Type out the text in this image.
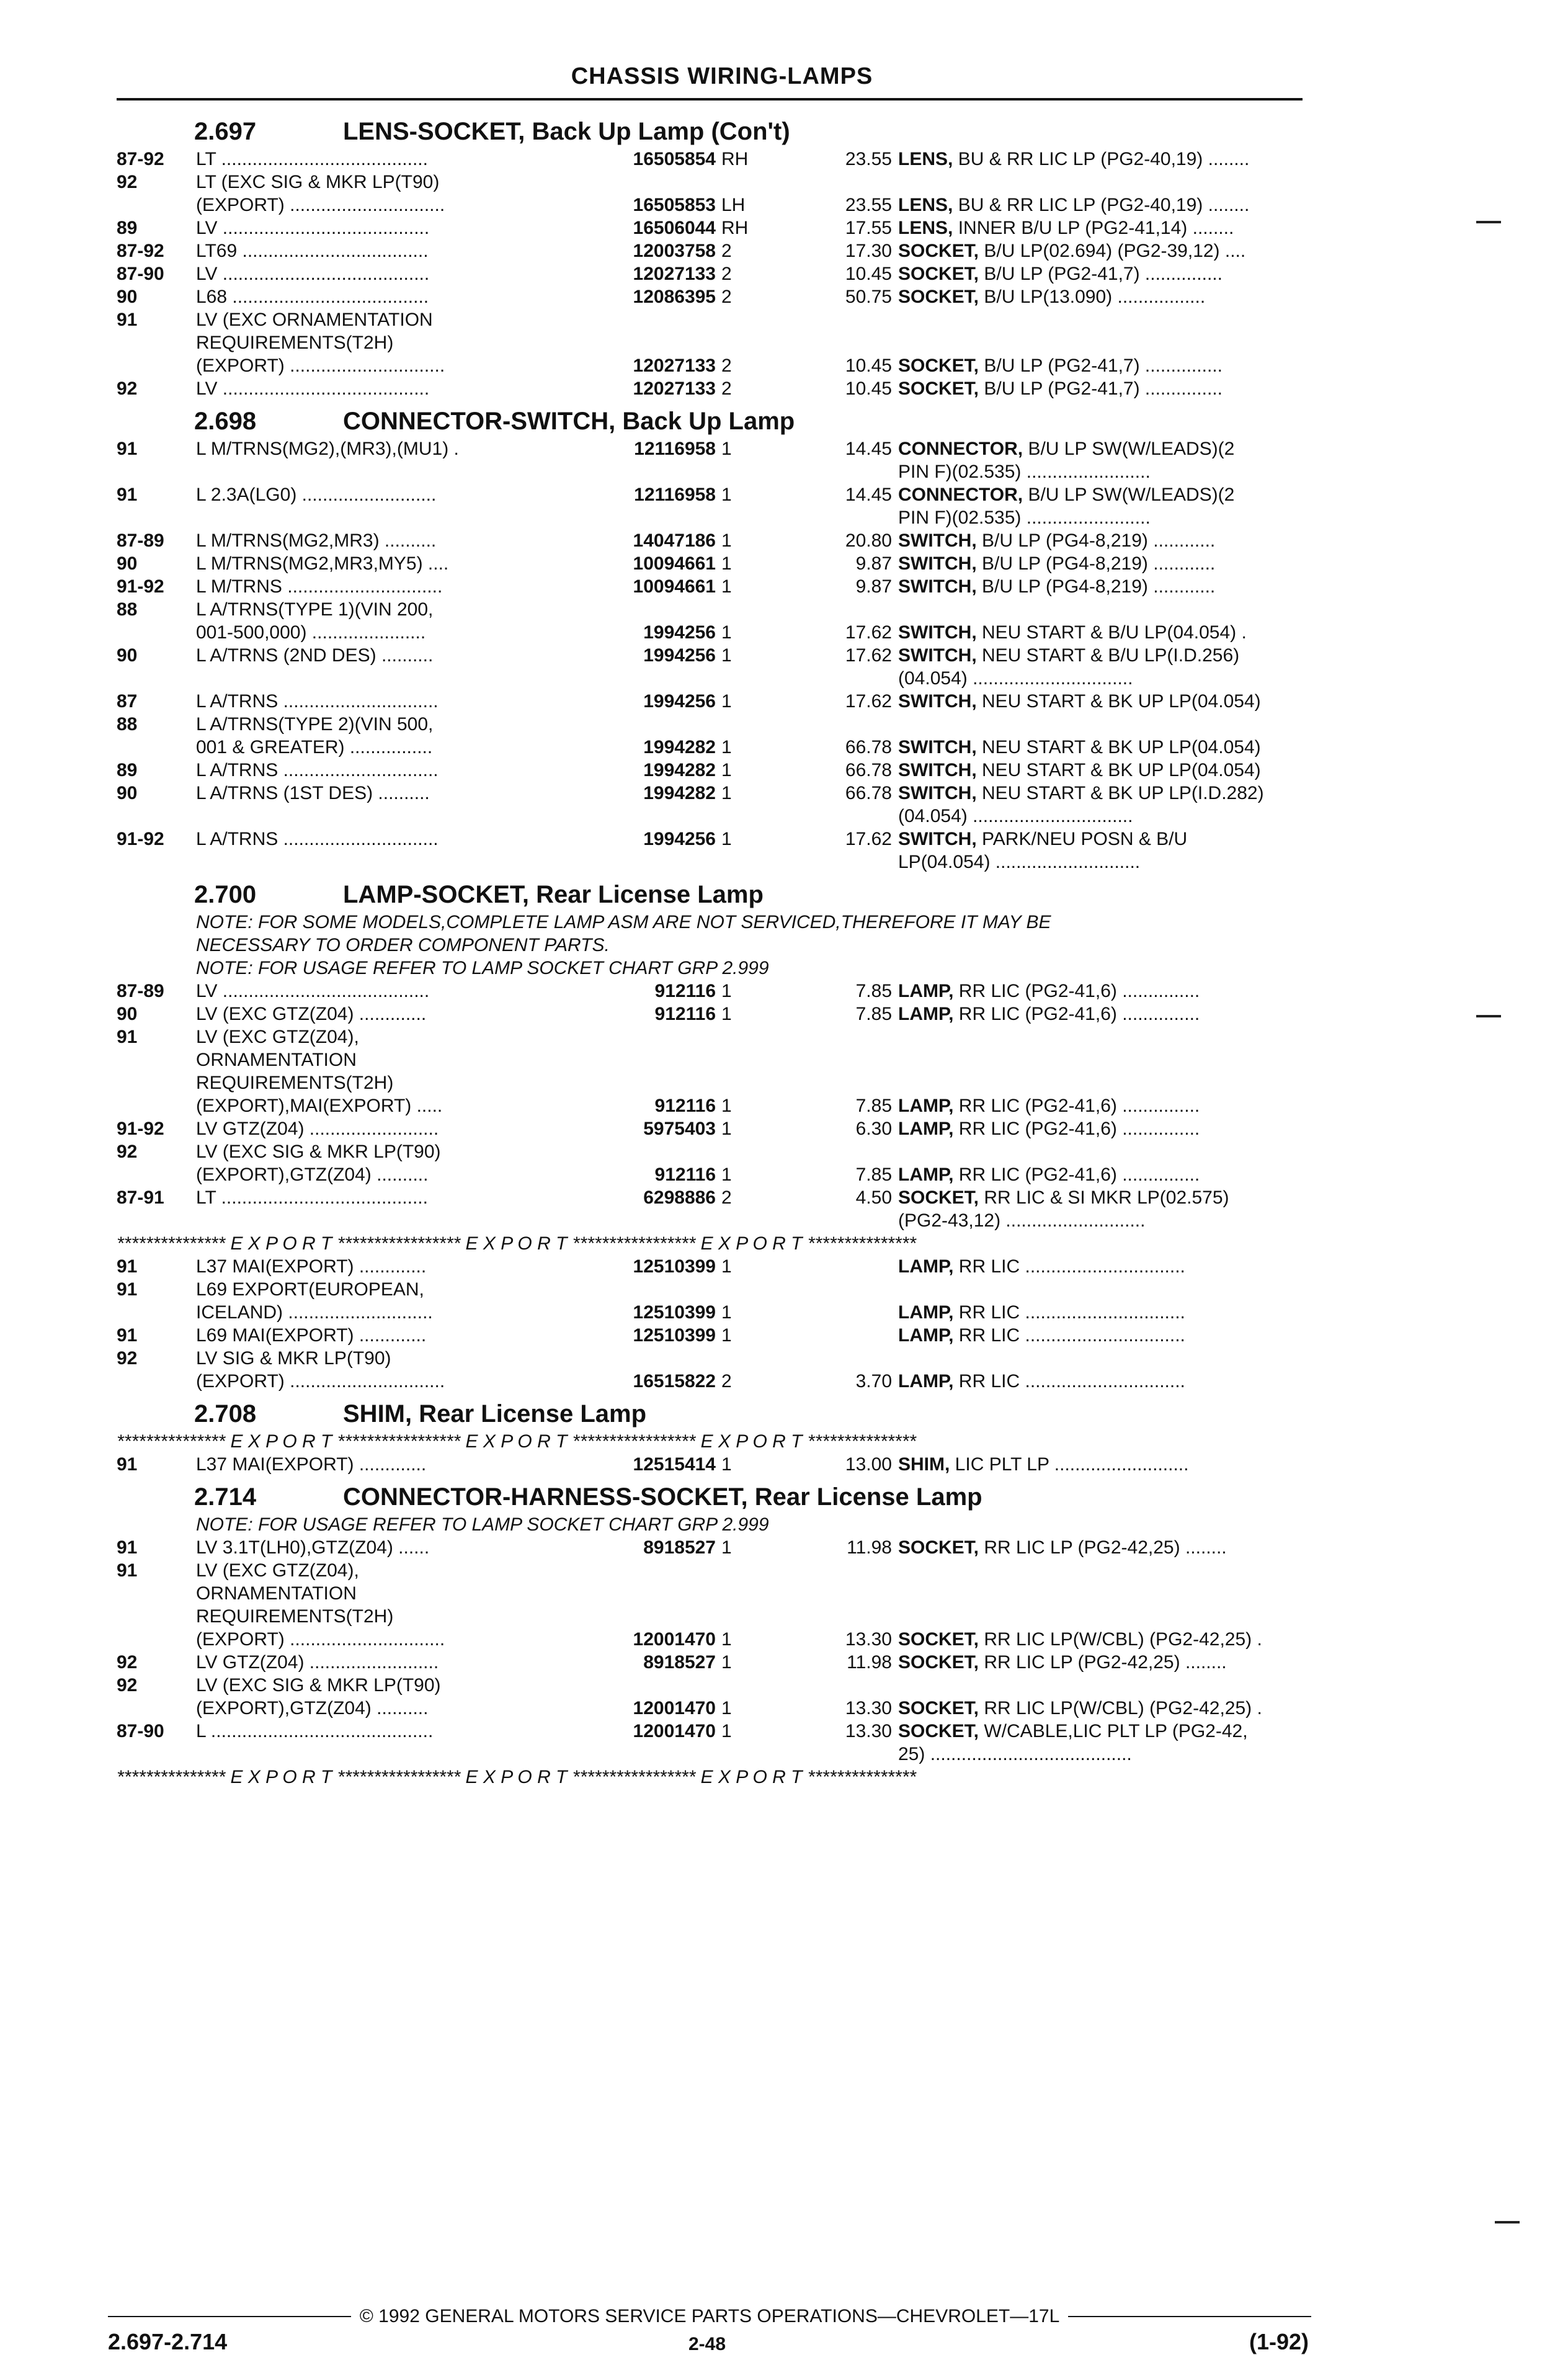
CHASSIS WIRING-LAMPS
2.697	LENS-SOCKET, Back Up Lamp (Con't)
87-92	LT ........................................	16505854 RH	23.55 LENS, BU & RR LIC LP (PG2-40,19) ........
92	LT (EXC SIG & MKR LP(T90)
(EXPORT) ..............................	16505853 LH	23.55 LENS, BU & RR LIC LP (PG2-40,19) ........
89	LV ........................................	16506044 RH	17.55 LENS, INNER B/U LP (PG2-41,14) ........
87-92	LT69 ....................................	12003758 2	17.30 SOCKET, B/U LP(02.694) (PG2-39,12) ....
87-90	LV ........................................	12027133 2	10.45 SOCKET, B/U LP (PG2-41,7) ...............
90	L68 ......................................	12086395 2	50.75 SOCKET, B/U LP(13.090) .................
91	LV (EXC ORNAMENTATION
REQUIREMENTS(T2H)
(EXPORT) ..............................	12027133 2	10.45 SOCKET, B/U LP (PG2-41,7) ...............
92	LV ........................................	12027133 2	10.45 SOCKET, B/U LP (PG2-41,7) ...............
2.698	CONNECTOR-SWITCH, Back Up Lamp
91	L M/TRNS(MG2),(MR3),(MU1) .	12116958 1	14.45 CONNECTOR, B/U LP SW(W/LEADS)(2
PIN F)(02.535) ........................
91	L 2.3A(LG0) ..........................	12116958 1	14.45 CONNECTOR, B/U LP SW(W/LEADS)(2
PIN F)(02.535) ........................
87-89	L M/TRNS(MG2,MR3) ..........	14047186 1	20.80 SWITCH, B/U LP (PG4-8,219) ............
90	L M/TRNS(MG2,MR3,MY5) ....	10094661 1	9.87 SWITCH, B/U LP (PG4-8,219) ............
91-92	L M/TRNS ..............................	10094661 1	9.87 SWITCH, B/U LP (PG4-8,219) ............
88	L A/TRNS(TYPE 1)(VIN 200,
001-500,000) ......................	1994256 1	17.62 SWITCH, NEU START & B/U LP(04.054) .
90	L A/TRNS (2ND DES) ..........	1994256 1	17.62 SWITCH, NEU START & B/U LP(I.D.256)
(04.054) ...............................
87	L A/TRNS ..............................	1994256 1	17.62 SWITCH, NEU START & BK UP LP(04.054)
88	L A/TRNS(TYPE 2)(VIN 500,
001 & GREATER) ................	1994282 1	66.78 SWITCH, NEU START & BK UP LP(04.054)
89	L A/TRNS ..............................	1994282 1	66.78 SWITCH, NEU START & BK UP LP(04.054)
90	L A/TRNS (1ST DES) ..........	1994282 1	66.78 SWITCH, NEU START & BK UP LP(I.D.282)
(04.054) ...............................
91-92	L A/TRNS ..............................	1994256 1	17.62 SWITCH, PARK/NEU POSN & B/U
LP(04.054) ............................
2.700	LAMP-SOCKET, Rear License Lamp
NOTE: FOR SOME MODELS,COMPLETE LAMP ASM ARE NOT SERVICED,THEREFORE IT MAY BE
NECESSARY TO ORDER COMPONENT PARTS.
NOTE: FOR USAGE REFER TO LAMP SOCKET CHART GRP 2.999
87-89	LV ........................................	912116 1	7.85 LAMP, RR LIC (PG2-41,6) ...............
90	LV (EXC GTZ(Z04) .............	912116 1	7.85 LAMP, RR LIC (PG2-41,6) ...............
91	LV (EXC GTZ(Z04),
ORNAMENTATION
REQUIREMENTS(T2H)
(EXPORT),MAI(EXPORT) .....	912116 1	7.85 LAMP, RR LIC (PG2-41,6) ...............
91-92	LV GTZ(Z04) .........................	5975403 1	6.30 LAMP, RR LIC (PG2-41,6) ...............
92	LV (EXC SIG & MKR LP(T90)
(EXPORT),GTZ(Z04) ..........	912116 1	7.85 LAMP, RR LIC (PG2-41,6) ...............
87-91	LT ........................................	6298886 2	4.50 SOCKET, RR LIC & SI MKR LP(02.575)
(PG2-43,12) ...........................
*************** E X P O R T ***************** E X P O R T ***************** E X P O R T ***************
91	L37 MAI(EXPORT) .............	12510399 1	LAMP, RR LIC ...............................
91	L69 EXPORT(EUROPEAN,
ICELAND) ............................	12510399 1	LAMP, RR LIC ...............................
91	L69 MAI(EXPORT) .............	12510399 1	LAMP, RR LIC ...............................
92	LV SIG & MKR LP(T90)
(EXPORT) ..............................	16515822 2	3.70 LAMP, RR LIC ...............................
2.708	SHIM, Rear License Lamp
*************** E X P O R T ***************** E X P O R T ***************** E X P O R T ***************
91	L37 MAI(EXPORT) .............	12515414 1	13.00 SHIM, LIC PLT LP ..........................
2.714	CONNECTOR-HARNESS-SOCKET, Rear License Lamp
NOTE: FOR USAGE REFER TO LAMP SOCKET CHART GRP 2.999
91	LV 3.1T(LH0),GTZ(Z04) ......	8918527 1	11.98 SOCKET, RR LIC LP (PG2-42,25) ........
91	LV (EXC GTZ(Z04),
ORNAMENTATION
REQUIREMENTS(T2H)
(EXPORT) ..............................	12001470 1	13.30 SOCKET, RR LIC LP(W/CBL) (PG2-42,25) .
92	LV GTZ(Z04) .........................	8918527 1	11.98 SOCKET, RR LIC LP (PG2-42,25) ........
92	LV (EXC SIG & MKR LP(T90)
(EXPORT),GTZ(Z04) ..........	12001470 1	13.30 SOCKET, RR LIC LP(W/CBL) (PG2-42,25) .
87-90	L ...........................................	12001470 1	13.30 SOCKET, W/CABLE,LIC PLT LP (PG2-42,
25) .......................................
*************** E X P O R T ***************** E X P O R T ***************** E X P O R T ***************
© 1992 GENERAL MOTORS SERVICE PARTS OPERATIONS—CHEVROLET—17L
2.697-2.714	2-48	(1-92)
